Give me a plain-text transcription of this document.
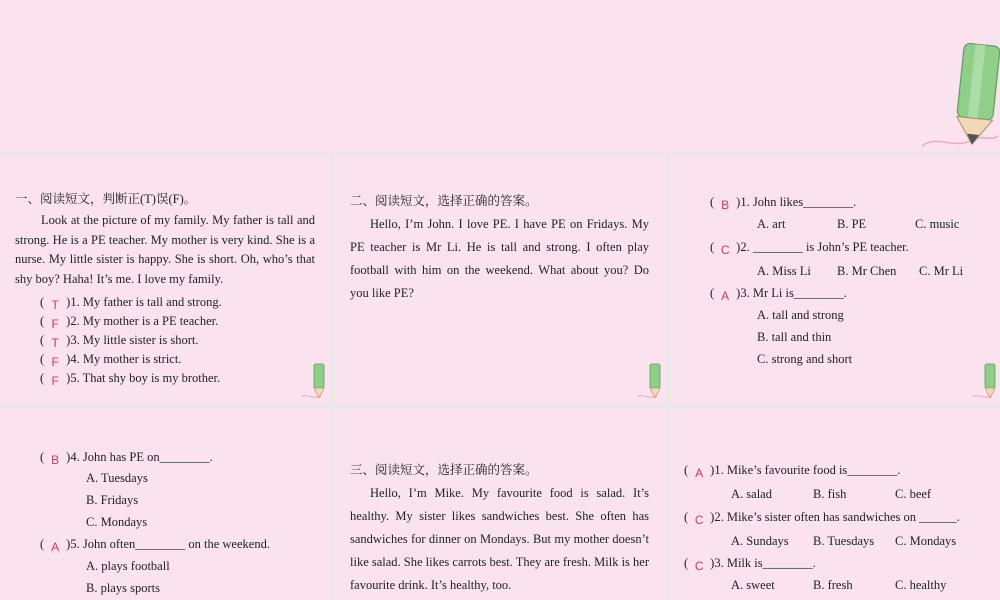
一、阅读短文，判断正(T)误(F)。
Look at the picture of my family. My father is tall and strong. He is a PE teacher. My mother is very kind. She is a nurse. My little sister is happy. She is short. Oh, who’s that shy boy? Haha! It’s me. I love my family.
( T )1. My father is tall and strong.
( F )2. My mother is a PE teacher.
( T )3. My little sister is short.
( F )4. My mother is strict.
( F )5. That shy boy is my brother.
二、阅读短文，选择正确的答案。
Hello, I’m John. I love PE. I have PE on Fridays. My PE teacher is Mr Li. He is tall and strong. I often play football with him on the weekend. What about you? Do you like PE?
( B )1. John likes________.
A. art	B. PE	C. music
( C )2. ________ is John’s PE teacher.
A. Miss Li B. Mr Chen C. Mr Li
( A )3. Mr Li is________.
A. tall and strong
B. tall and thin
C. strong and short
( B )4. John has PE on________.
A. Tuesdays
B. Fridays
C. Mondays
( A )5. John often________ on the weekend.
A. plays football
B. plays sports
三、阅读短文，选择正确的答案。
Hello, I’m Mike. My favourite food is salad. It’s healthy. My sister likes sandwiches best. She often has sandwiches for dinner on Mondays. But my mother doesn’t like salad. She likes carrots best. They are fresh. Milk is her favourite drink. It’s healthy, too.
( A )1. Mike’s favourite food is________.
A. salad	B. fish	C. beef
( C )2. Mike’s sister often has sandwiches on ______.
A. Sundays B. Tuesdays C. Mondays
( C )3. Milk is________.
A. sweet	B. fresh	C. healthy
